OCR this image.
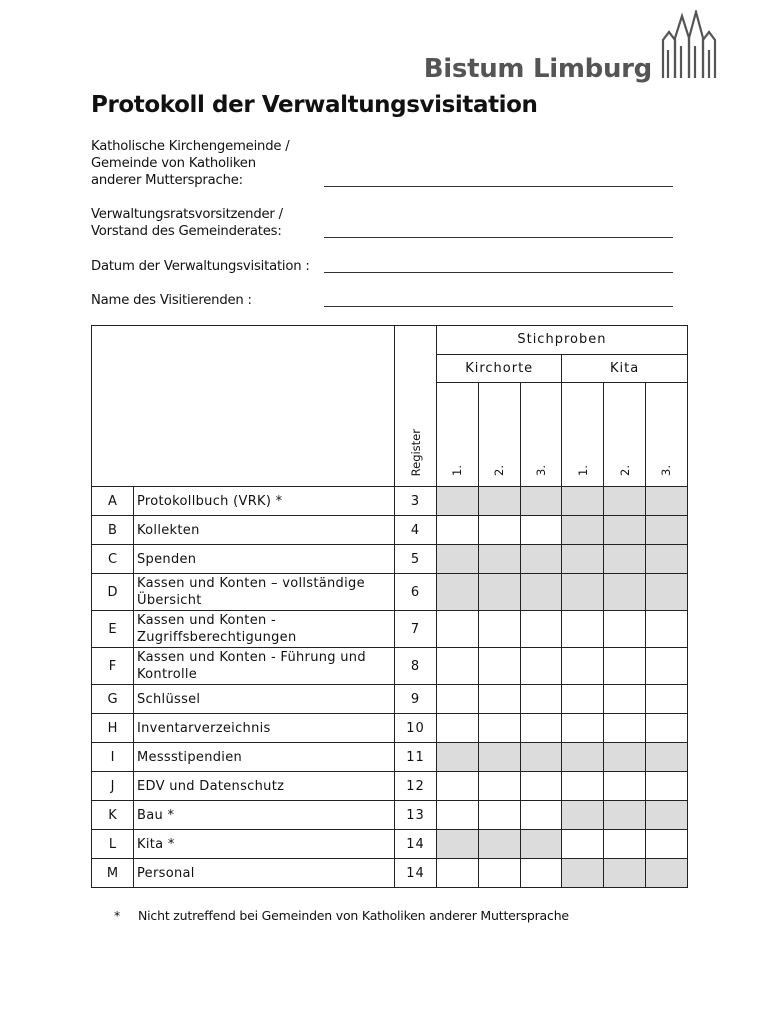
Bistum Limburg
Protokoll der Verwaltungsvisitation
Katholische Kirchengemeinde /
Gemeinde von Katholiken
anderer Muttersprache:
Verwaltungsratsvorsitzender /
Vorstand des Gemeinderates:
Datum der Verwaltungsvisitation :
Name des Visitierenden :
			Stichproben					
			Kirchorte			Kita		
		Register	1.	2.	3.	1.	2.	3.
A	Protokollbuch (VRK) *	3						
B	Kollekten	4						
C	Spenden	5						
D	Kassen und Konten – vollständige Übersicht	6						
E	Kassen und Konten - Zugriffsberechtigungen	7						
F	Kassen und Konten - Führung und Kontrolle	8						
G	Schlüssel	9						
H	Inventarverzeichnis	10						
I	Messstipendien	11						
J	EDV und Datenschutz	12						
K	Bau *	13						
L	Kita *	14						
M	Personal	14						
* Nicht zutreffend bei Gemeinden von Katholiken anderer Muttersprache
